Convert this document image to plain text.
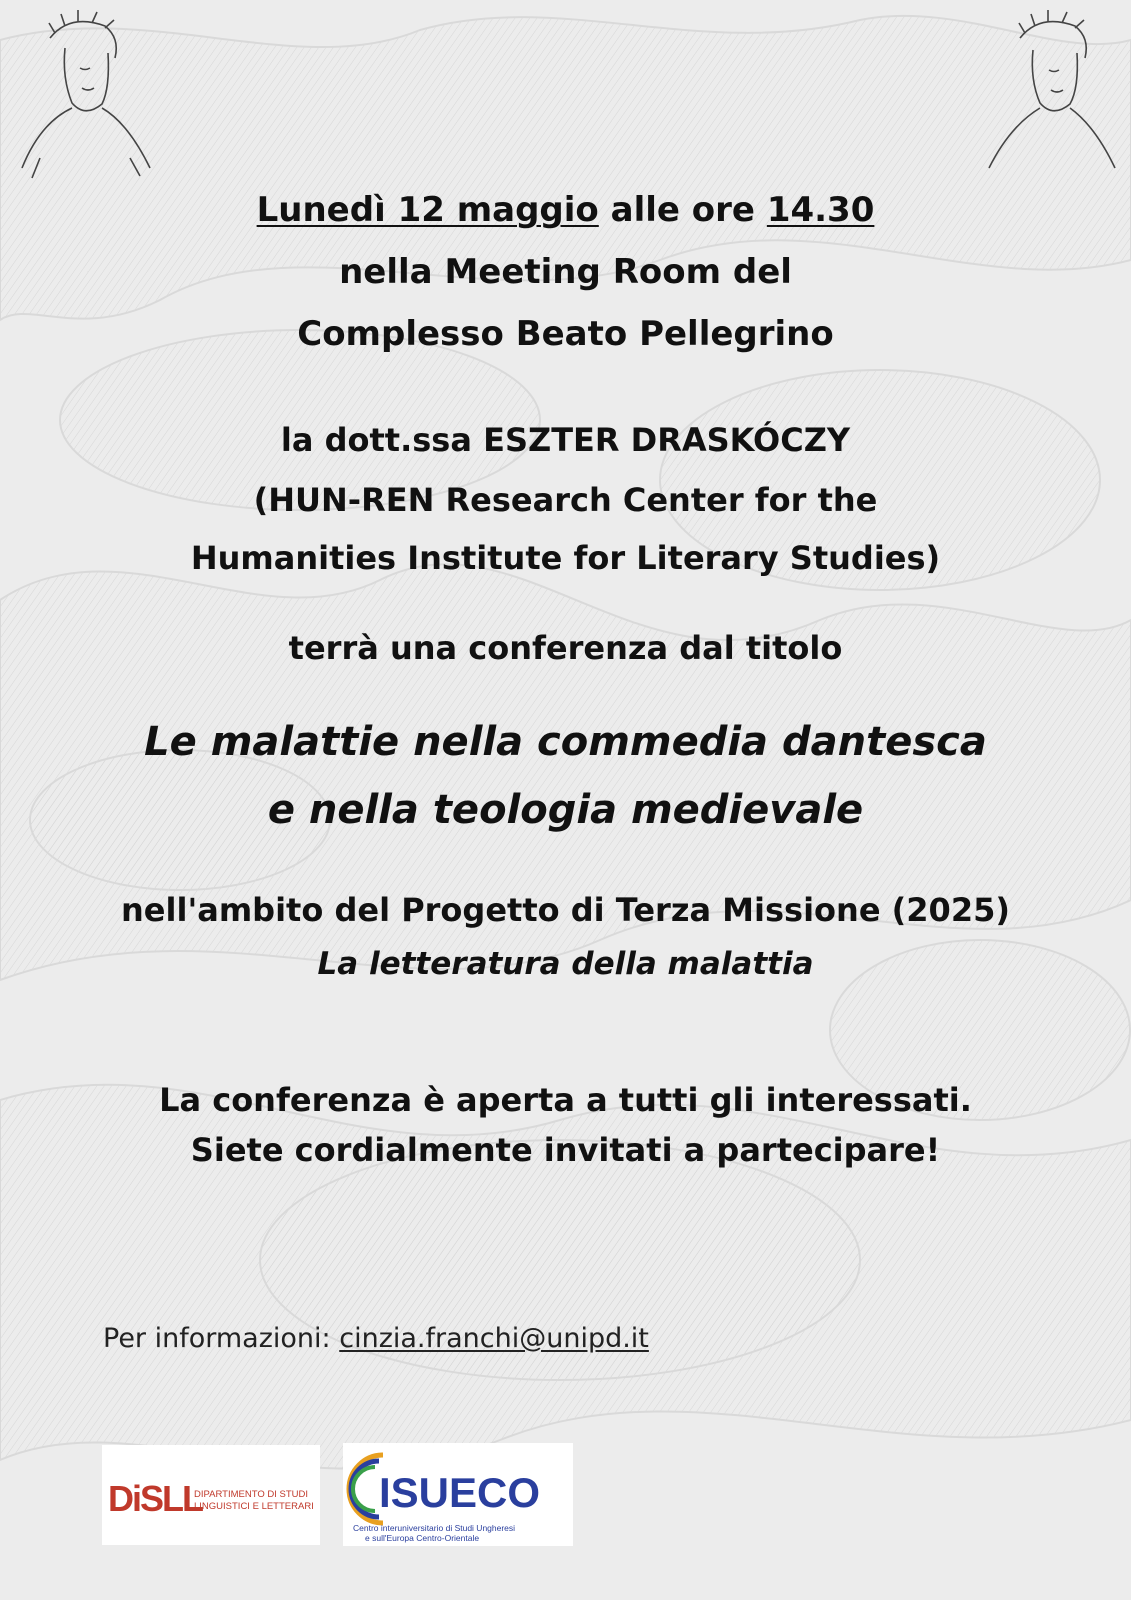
Lunedì 12 maggio alle ore 14.30
nella Meeting Room del
Complesso Beato Pellegrino
la dott.ssa ESZTER DRASKÓCZY
(HUN-REN Research Center for the
Humanities Institute for Literary Studies)
terrà una conferenza dal titolo
Le malattie nella commedia dantesca
e nella teologia medievale
nell'ambito del Progetto di Terza Missione (2025)
La letteratura della malattia
La conferenza è aperta a tutti gli interessati.
Siete cordialmente invitati a partecipare!
Per informazioni: cinzia.franchi@unipd.it
DiSLL
DIPARTIMENTO DI STUDI
LINGUISTICI E LETTERARI ISUECO
Centro interuniversitario di Studi Ungheresi
e sull'Europa Centro-Orientale
